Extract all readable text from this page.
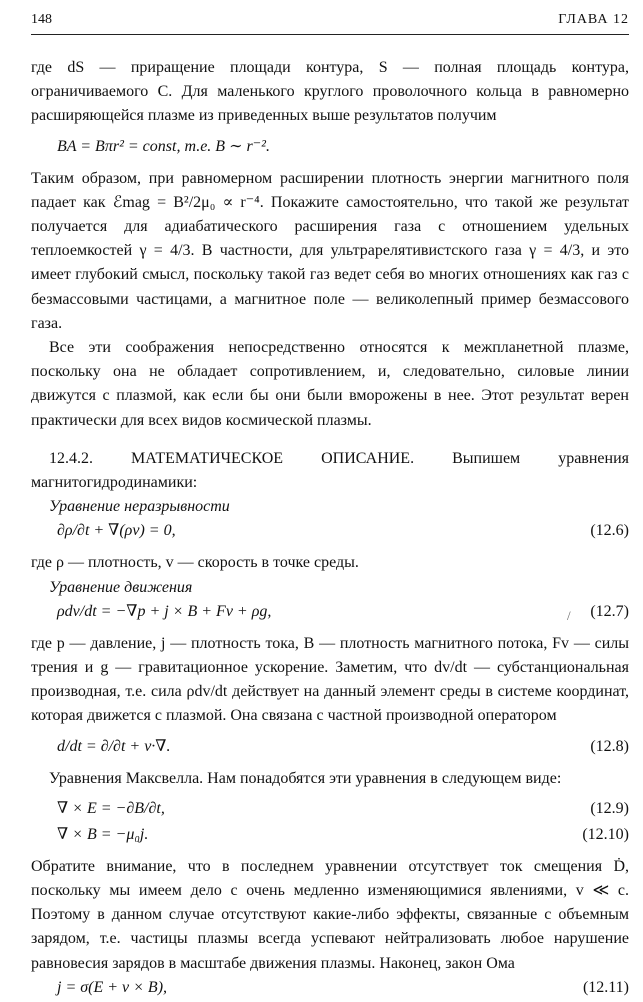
148	ГЛАВА 12

где dS — приращение площади контура, S — полная площадь контура, ограничиваемого C. Для маленького круглого проволочного кольца в равномерно расширяющейся плазме из приведенных выше результатов получим

BA = Bπr² = const, т.е. B ∼ r⁻².

Таким образом, при равномерном расширении плотность энергии магнитного поля падает как ℰmag = B²/2μ₀ ∝ r⁻⁴. Покажите самостоятельно, что такой же результат получается для адиабатического расширения газа с отношением удельных теплоемкостей γ = 4/3. В частности, для ультрарелятивистского газа γ = 4/3, и это имеет глубокий смысл, поскольку такой газ ведет себя во многих отношениях как газ с безмассовыми частицами, а магнитное поле — великолепный пример безмассового газа.

Все эти соображения непосредственно относятся к межпланетной плазме, поскольку она не обладает сопротивлением, и, следовательно, силовые линии движутся с плазмой, как если бы они были вморожены в нее. Этот результат верен практически для всех видов космической плазмы.

12.4.2. МАТЕМАТИЧЕСКОЕ ОПИСАНИЕ. Выпишем уравнения магнитогидродинамики:

Уравнение неразрывности
∂ρ/∂t + ∇(ρv) = 0,	(12.6)

где ρ — плотность, v — скорость в точке среды.

Уравнение движения
ρdv/dt = −∇p + j × B + Fv + ρg,	/ (12.7)

где p — давление, j — плотность тока, B — плотность магнитного потока, Fv — силы трения и g — гравитационное ускорение. Заметим, что dv/dt — субстанциональная производная, т.е. сила ρdv/dt действует на данный элемент среды в системе координат, которая движется с плазмой. Она связана с частной производной оператором

d/dt = ∂/∂t + v·∇.	(12.8)

Уравнения Максвелла. Нам понадобятся эти уравнения в следующем виде:

∇ × E = −∂B/∂t,	(12.9)
∇ × B = −μ₀j.	(12.10)

Обратите внимание, что в последнем уравнении отсутствует ток смещения Ḋ, поскольку мы имеем дело с очень медленно изменяющимися явлениями, v ≪ c. Поэтому в данном случае отсутствуют какие-либо эффекты, связанные с объемным зарядом, т.е. частицы плазмы всегда успевают нейтрализовать любое нарушение равновесия зарядов в масштабе движения плазмы. Наконец, закон Ома

j = σ(E + v × B),	(12.11)
